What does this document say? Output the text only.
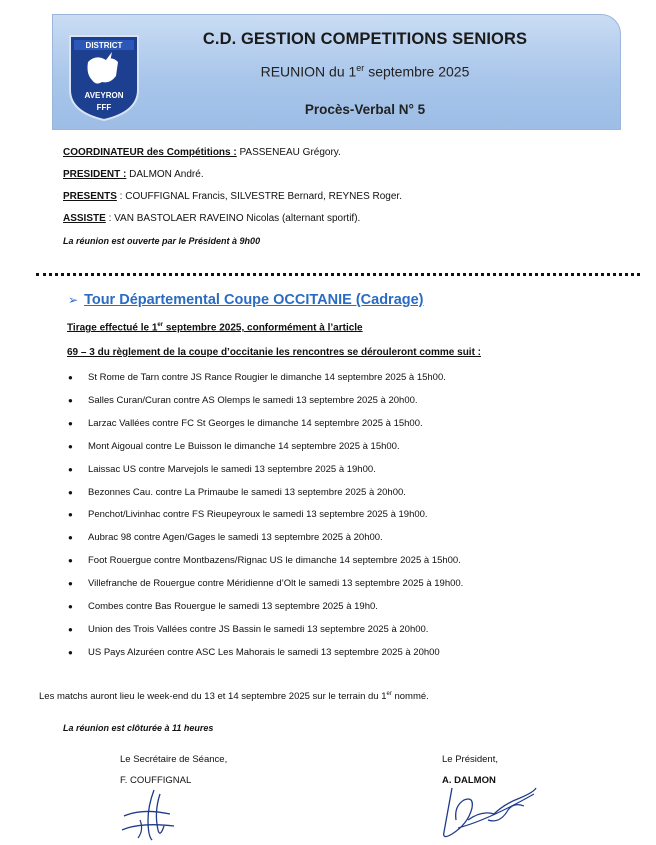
DISTRICT
AVEYRON
FFF
C.D. GESTION COMPETITIONS SENIORS
REUNION du 1er septembre 2025
Procès-Verbal N° 5
COORDINATEUR des Compétitions : PASSENEAU Grégory.
PRESIDENT : DALMON André.
PRESENTS : COUFFIGNAL Francis, SILVESTRE Bernard, REYNES Roger.
ASSISTE : VAN BASTOLAER RAVEINO Nicolas (alternant sportif).
La réunion est ouverte par le Président à 9h00
➢ Tour Départemental Coupe OCCITANIE (Cadrage)
Tirage effectué le 1er septembre 2025, conformément à l’article
69 – 3 du règlement de la coupe d’occitanie les rencontres se dérouleront comme suit :
● St Rome de Tarn contre JS Rance Rougier le dimanche 14 septembre 2025 à 15h00.
● Salles Curan/Curan contre AS Olemps le samedi 13 septembre 2025 à 20h00.
● Larzac Vallées contre FC St Georges le dimanche 14 septembre 2025 à 15h00.
● Mont Aigoual contre Le Buisson le dimanche 14 septembre 2025 à 15h00.
● Laissac US contre Marvejols le samedi 13 septembre 2025 à 19h00.
● Bezonnes Cau. contre La Primaube le samedi 13 septembre 2025 à 20h00.
● Penchot/Livinhac contre FS Rieupeyroux le samedi 13 septembre 2025 à 19h00.
● Aubrac 98 contre Agen/Gages le samedi 13 septembre 2025 à 20h00.
● Foot Rouergue contre Montbazens/Rignac US le dimanche 14 septembre 2025 à 15h00.
● Villefranche de Rouergue contre Méridienne d’Olt le samedi 13 septembre 2025 à 19h00.
● Combes contre Bas Rouergue le samedi 13 septembre 2025 à 19h0.
● Union des Trois Vallées contre JS Bassin le samedi 13 septembre 2025 à 20h00.
● US Pays Alzuréen contre ASC Les Mahorais le samedi 13 septembre 2025 à 20h00
Les matchs auront lieu le week-end du 13 et 14 septembre 2025 sur le terrain du 1er nommé.
La réunion est clôturée à 11 heures
Le Secrétaire de Séance,
F. COUFFIGNAL
Le Président,
A. DALMON
